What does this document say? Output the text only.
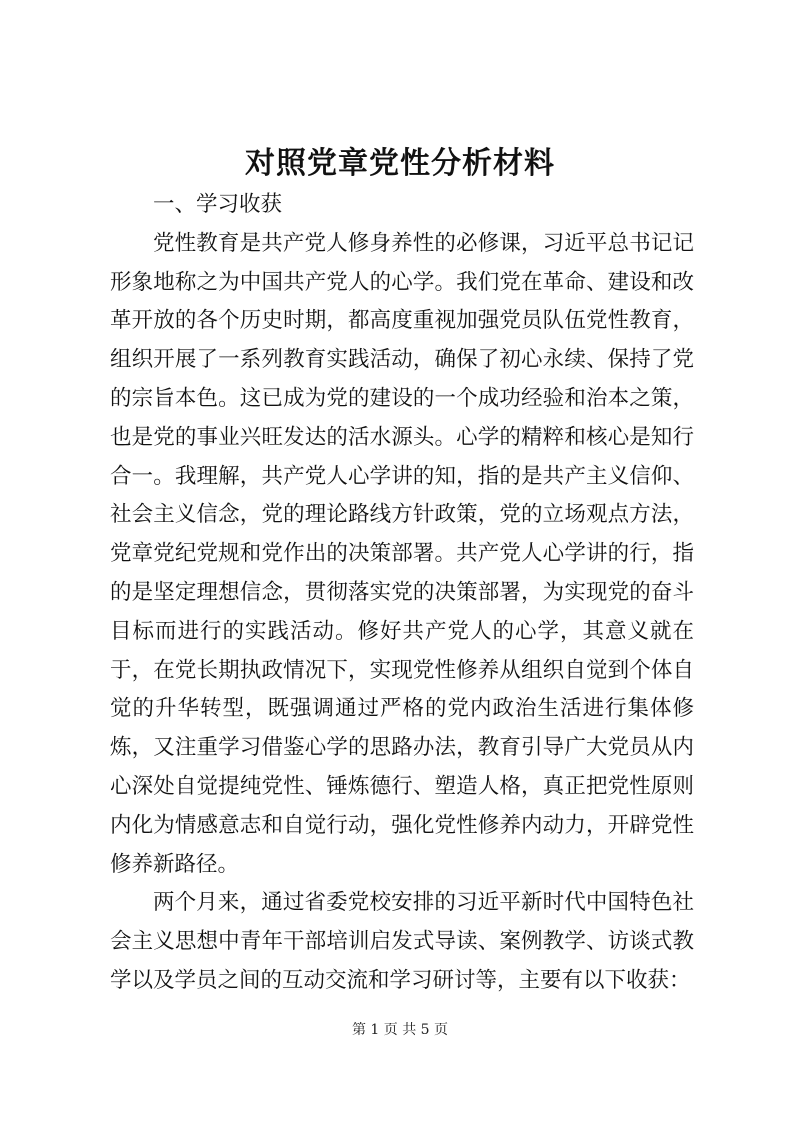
对照党章党性分析材料

一、学习收获

党性教育是共产党人修身养性的必修课，习近平总书记记形象地称之为中国共产党人的心学。我们党在革命、建设和改革开放的各个历史时期，都高度重视加强党员队伍党性教育，组织开展了一系列教育实践活动，确保了初心永续、保持了党的宗旨本色。这已成为党的建设的一个成功经验和治本之策，也是党的事业兴旺发达的活水源头。心学的精粹和核心是知行合一。我理解，共产党人心学讲的知，指的是共产主义信仰、社会主义信念，党的理论路线方针政策，党的立场观点方法，党章党纪党规和党作出的决策部署。共产党人心学讲的行，指的是坚定理想信念，贯彻落实党的决策部署，为实现党的奋斗目标而进行的实践活动。修好共产党人的心学，其意义就在于，在党长期执政情况下，实现党性修养从组织自觉到个体自觉的升华转型，既强调通过严格的党内政治生活进行集体修炼，又注重学习借鉴心学的思路办法，教育引导广大党员从内心深处自觉提纯党性、锤炼德行、塑造人格，真正把党性原则内化为情感意志和自觉行动，强化党性修养内动力，开辟党性修养新路径。

两个月来，通过省委党校安排的习近平新时代中国特色社会主义思想中青年干部培训启发式导读、案例教学、访谈式教学以及学员之间的互动交流和学习研讨等，主要有以下收获：

第 1 页 共 5 页
